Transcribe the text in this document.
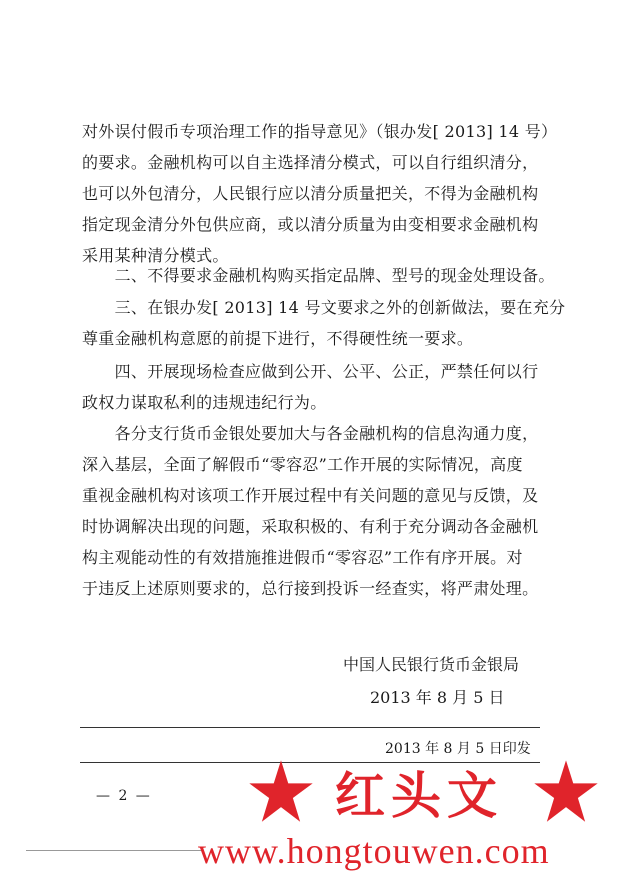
对外误付假币专项治理工作的指导意见》（银办发[ 2013] 14 号）
的要求。金融机构可以自主选择清分模式，可以自行组织清分，
也可以外包清分，人民银行应以清分质量把关，不得为金融机构
指定现金清分外包供应商，或以清分质量为由变相要求金融机构
采用某种清分模式。
　　二、不得要求金融机构购买指定品牌、型号的现金处理设备。
　　三、在银办发[ 2013] 14 号文要求之外的创新做法，要在充分
尊重金融机构意愿的前提下进行，不得硬性统一要求。
　　四、开展现场检查应做到公开、公平、公正，严禁任何以行
政权力谋取私利的违规违纪行为。
　　各分支行货币金银处要加大与各金融机构的信息沟通力度，
深入基层，全面了解假币“零容忍”工作开展的实际情况，高度
重视金融机构对该项工作开展过程中有关问题的意见与反馈，及
时协调解决出现的问题，采取积极的、有利于充分调动各金融机
构主观能动性的有效措施推进假币“零容忍”工作有序开展。对
于违反上述原则要求的，总行接到投诉一经查实，将严肃处理。
中国人民银行货币金银局
2013 年 8 月 5 日
2013 年 8 月 5 日印发
— 2 —	红头文
www.hongtouwen.com
